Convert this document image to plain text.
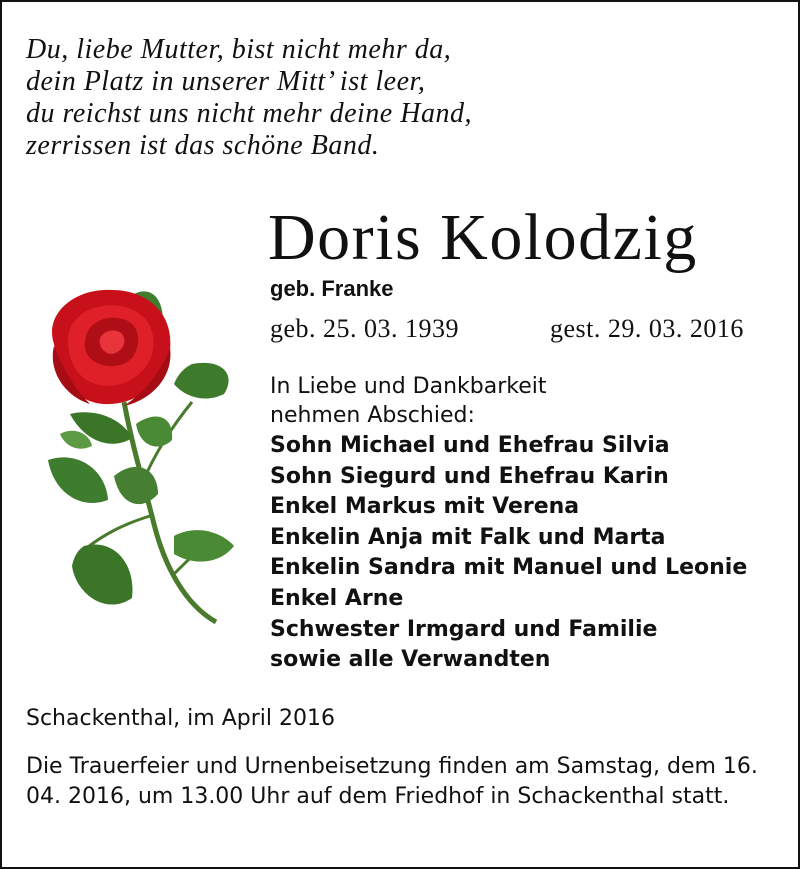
Du, liebe Mutter, bist nicht mehr da,
dein Platz in unserer Mitt’ ist leer,
du reichst uns nicht mehr deine Hand,
zerrissen ist das schöne Band.
Doris Kolodzig
geb. Franke
geb. 25. 03. 1939	gest. 29. 03. 2016
In Liebe und Dankbarkeit
nehmen Abschied:
Sohn Michael und Ehefrau Silvia
Sohn Siegurd und Ehefrau Karin
Enkel Markus mit Verena
Enkelin Anja mit Falk und Marta
Enkelin Sandra mit Manuel und Leonie
Enkel Arne
Schwester Irmgard und Familie
sowie alle Verwandten
Schackenthal, im April 2016
Die Trauerfeier und Urnenbeisetzung finden am Samstag, dem 16. 04. 2016, um 13.00 Uhr auf dem Friedhof in Schackenthal statt.
